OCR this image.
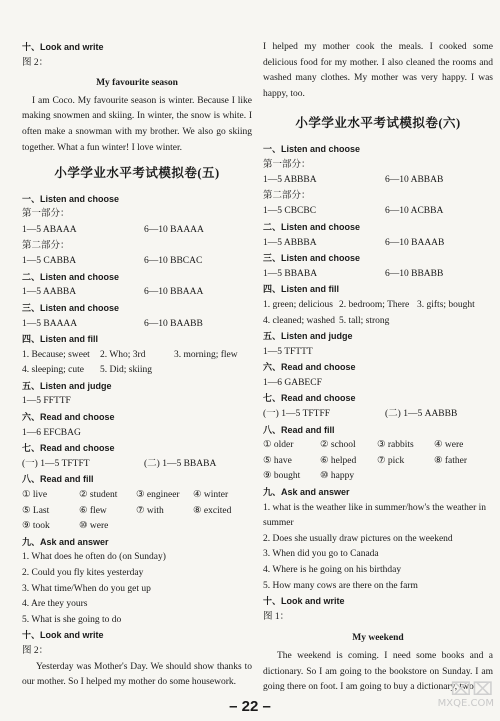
十、Look and write
图 2：
My favourite season
I am Coco. My favourite season is winter. Because I like making snowmen and skiing. In winter, the snow is white. I often make a snowman with my brother. We also go skiing together. What a fun winter! I love winter.
小学学业水平考试模拟卷(五)
一、Listen and choose
第一部分：
1—5 ABAAA	6—10 BAAAA
第二部分：
1—5 CABBA	6—10 BBCAC
二、Listen and choose
1—5 AABBA	6—10 BBAAA
三、Listen and choose
1—5 BAAAA	6—10 BAABB
四、Listen and fill
1. Because; sweet	2. Who; 3rd	3. morning; flew
4. sleeping; cute	5. Did; skiing
五、Listen and judge
1—5 FFTTF
六、Read and choose
1—6 EFCBAG
七、Read and choose
(一) 1—5 TFTFT	(二) 1—5 BBABA
八、Read and fill
① live	② student	③ engineer	④ winter
⑤ Last	⑥ flew	⑦ with	⑧ excited
⑨ took	⑩ were
九、Ask and answer
1. What does he often do (on Sunday)
2. Could you fly kites yesterday
3. What time/When do you get up
4. Are they yours
5. What is she going to do
十、Look and write
图 2：
Yesterday was Mother's Day. We should show thanks to our mother. So I helped my mother do some housework.
I helped my mother cook the meals. I cooked some delicious food for my mother. I also cleaned the rooms and washed many clothes. My mother was very happy. I was happy, too.
小学学业水平考试模拟卷(六)
一、Listen and choose
第一部分：
1—5 ABBBA	6—10 ABBAB
第二部分：
1—5 CBCBC	6—10 ACBBA
二、Listen and choose
1—5 ABBBA	6—10 BAAAB
三、Listen and choose
1—5 BBABA	6—10 BBABB
四、Listen and fill
1. green; delicious 2. bedroom; There 3. gifts; bought
4. cleaned; washed 5. tall; strong
五、Listen and judge
1—5 TFTTT
六、Read and choose
1—6 GABECF
七、Read and choose
(一) 1—5 TFTFF	(二) 1—5 AABBB
八、Read and fill
① older	② school	③ rabbits	④ were
⑤ have	⑥ helped	⑦ pick	⑧ father
⑨ bought	⑩ happy
九、Ask and answer
1. what is the weather like in summer/how's the weather in summer
2. Does she usually draw pictures on the weekend
3. When did you go to Canada
4. Where is he going on his birthday
5. How many cows are there on the farm
十、Look and write
图 1：
My weekend
The weekend is coming. I need some books and a dictionary. So I am going to the bookstore on Sunday. I am going there on foot. I am going to buy a dictionary, two
– 22 –
⌧⌧
MXQE.COM
